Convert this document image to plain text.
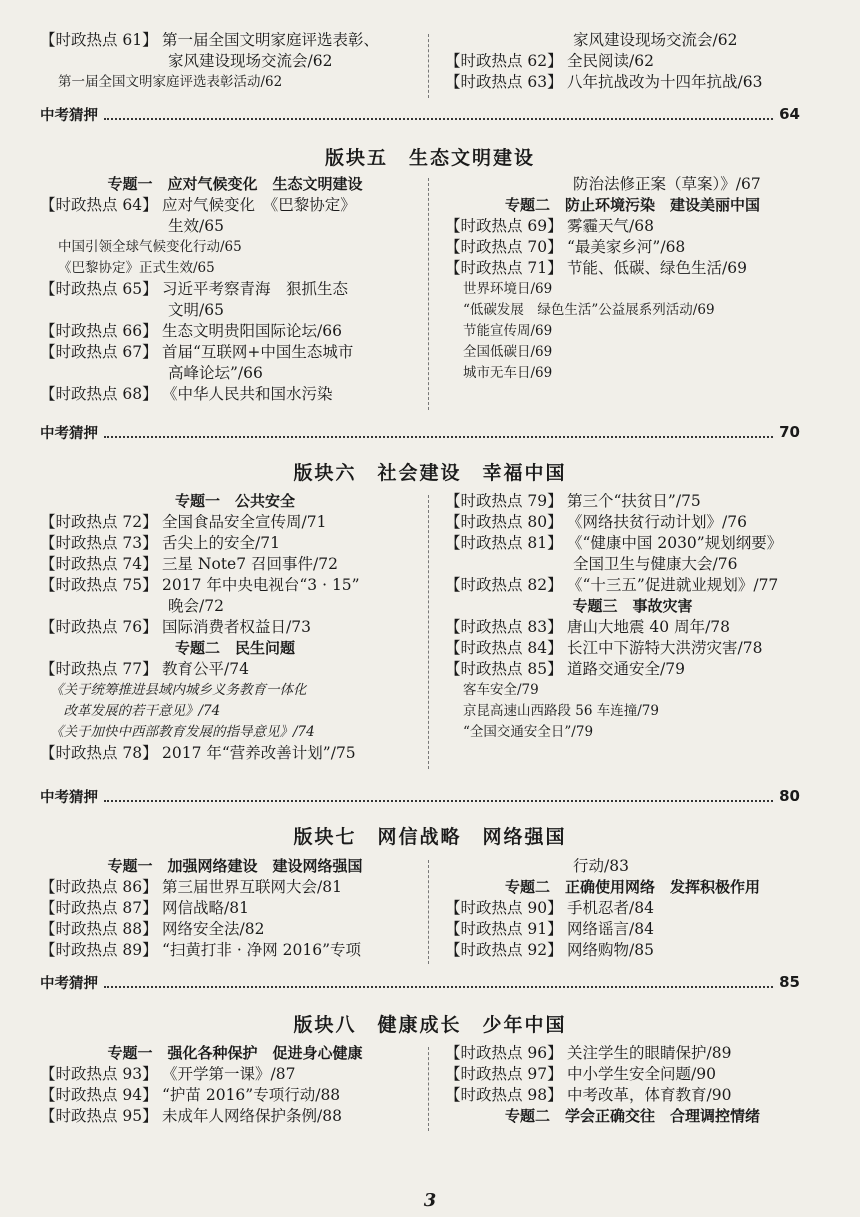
【时政热点 61】 第一届全国文明家庭评选表彰、
家风建设现场交流会/62
第一届全国文明家庭评选表彰活动/62
家风建设现场交流会/62
【时政热点 62】 全民阅读/62
【时政热点 63】 八年抗战改为十四年抗战/63
中考猜押	64
版块五　生态文明建设
专题一　应对气候变化　生态文明建设
【时政热点 64】 应对气候变化　《巴黎协定》
生效/65
中国引领全球气候变化行动/65
《巴黎协定》正式生效/65
【时政热点 65】 习近平考察青海　狠抓生态
文明/65
【时政热点 66】 生态文明贵阳国际论坛/66
【时政热点 67】 首届“互联网+中国生态城市
高峰论坛”/66
【时政热点 68】 《中华人民共和国水污染
防治法修正案（草案）》/67
专题二　防止环境污染　建设美丽中国
【时政热点 69】 雾霾天气/68
【时政热点 70】 “最美家乡河”/68
【时政热点 71】 节能、低碳、绿色生活/69
世界环境日/69
“低碳发展　绿色生活”公益展系列活动/69
节能宣传周/69
全国低碳日/69
城市无车日/69
中考猜押	70
版块六　社会建设　幸福中国
专题一　公共安全
【时政热点 72】 全国食品安全宣传周/71
【时政热点 73】 舌尖上的安全/71
【时政热点 74】 三星 Note7 召回事件/72
【时政热点 75】 2017 年中央电视台“3 · 15”
晚会/72
【时政热点 76】 国际消费者权益日/73
专题二　民生问题
【时政热点 77】 教育公平/74
《关于统筹推进县域内城乡义务教育一体化
　改革发展的若干意见》/74
《关于加快中西部教育发展的指导意见》/74
【时政热点 78】 2017 年“营养改善计划”/75
【时政热点 79】 第三个“扶贫日”/75
【时政热点 80】 《网络扶贫行动计划》/76
【时政热点 81】 《“健康中国 2030”规划纲要》
全国卫生与健康大会/76
【时政热点 82】 《“十三五”促进就业规划》/77
专题三　事故灾害
【时政热点 83】 唐山大地震 40 周年/78
【时政热点 84】 长江中下游特大洪涝灾害/78
【时政热点 85】 道路交通安全/79
客车安全/79
京昆高速山西路段 56 车连撞/79
“全国交通安全日”/79
中考猜押	80
版块七　网信战略　网络强国
专题一　加强网络建设　建设网络强国
【时政热点 86】 第三届世界互联网大会/81
【时政热点 87】 网信战略/81
【时政热点 88】 网络安全法/82
【时政热点 89】 “扫黄打非 · 净网 2016”专项
行动/83
专题二　正确使用网络　发挥积极作用
【时政热点 90】 手机忍者/84
【时政热点 91】 网络谣言/84
【时政热点 92】 网络购物/85
中考猜押	85
版块八　健康成长　少年中国
专题一　强化各种保护　促进身心健康
【时政热点 93】 《开学第一课》/87
【时政热点 94】 “护苗 2016”专项行动/88
【时政热点 95】 未成年人网络保护条例/88
【时政热点 96】 关注学生的眼睛保护/89
【时政热点 97】 中小学生安全问题/90
【时政热点 98】 中考改革，体育教育/90
专题二　学会正确交往　合理调控情绪
3
